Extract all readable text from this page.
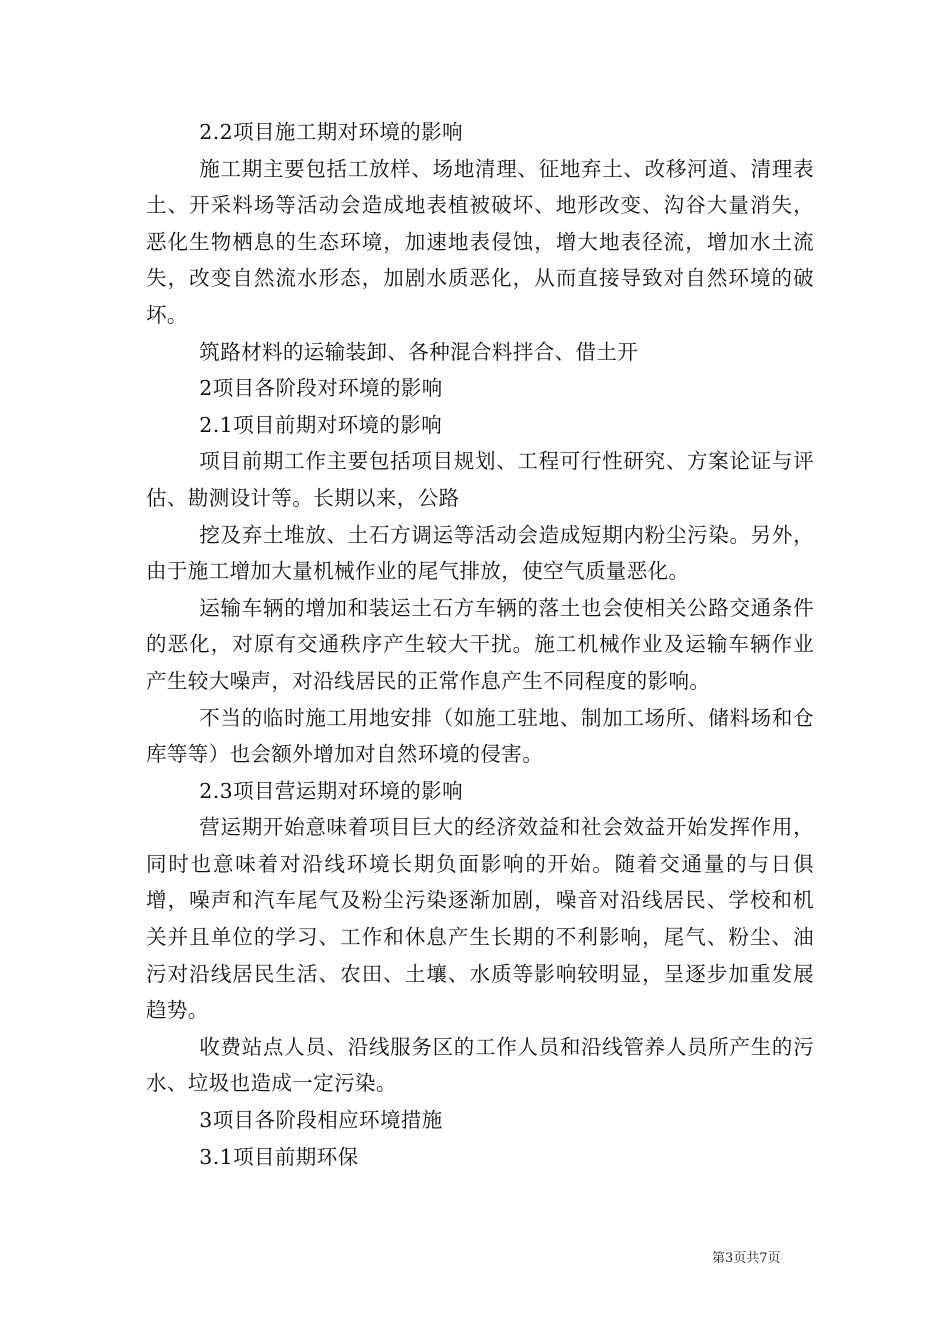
2.2项目施工期对环境的影响

施工期主要包括工放样、场地清理、征地弃土、改移河道、清理表土、开采料场等活动会造成地表植被破坏、地形改变、沟谷大量消失，恶化生物栖息的生态环境，加速地表侵蚀，增大地表径流，增加水土流失，改变自然流水形态，加剧水质恶化，从而直接导致对自然环境的破坏。

筑路材料的运输装卸、各种混合料拌合、借土开

2项目各阶段对环境的影响

2.1项目前期对环境的影响

项目前期工作主要包括项目规划、工程可行性研究、方案论证与评估、勘测设计等。长期以来，公路

挖及弃土堆放、土石方调运等活动会造成短期内粉尘污染。另外，由于施工增加大量机械作业的尾气排放，使空气质量恶化。

运输车辆的增加和装运土石方车辆的落土也会使相关公路交通条件的恶化，对原有交通秩序产生较大干扰。施工机械作业及运输车辆作业产生较大噪声，对沿线居民的正常作息产生不同程度的影响。

不当的临时施工用地安排（如施工驻地、制加工场所、储料场和仓库等等）也会额外增加对自然环境的侵害。

2.3项目营运期对环境的影响

营运期开始意味着项目巨大的经济效益和社会效益开始发挥作用，同时也意味着对沿线环境长期负面影响的开始。随着交通量的与日俱增，噪声和汽车尾气及粉尘污染逐渐加剧，噪音对沿线居民、学校和机关并且单位的学习、工作和休息产生长期的不利影响，尾气、粉尘、油污对沿线居民生活、农田、土壤、水质等影响较明显，呈逐步加重发展趋势。

收费站点人员、沿线服务区的工作人员和沿线管养人员所产生的污水、垃圾也造成一定污染。

3项目各阶段相应环境措施

3.1项目前期环保

第3页共7页
